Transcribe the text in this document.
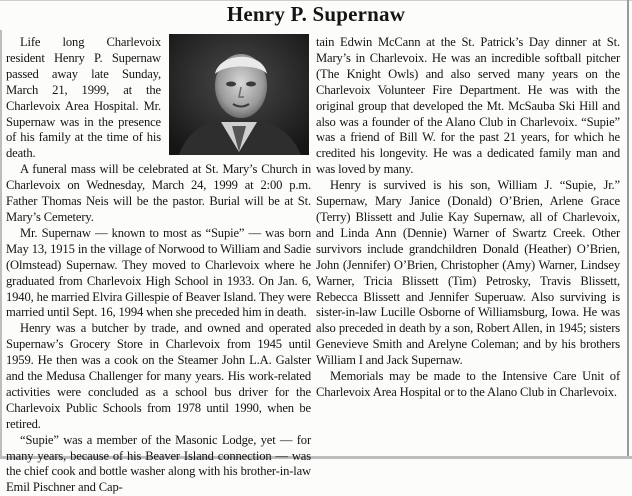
Henry P. Supernaw

Life long Charlevoix resident Henry P. Supernaw passed away late Sunday, March 21, 1999, at the Charlevoix Area Hospital. Mr. Supernaw was in the presence of his family at the time of his death.

A funeral mass will be celebrated at St. Mary’s Church in Charlevoix on Wednesday, March 24, 1999 at 2:00 p.m. Father Thomas Neis will be the pastor. Burial will be at St. Mary’s Cemetery.

Mr. Supernaw — known to most as “Supie” — was born May 13, 1915 in the village of Norwood to William and Sadie (Olmstead) Supernaw. They moved to Charlevoix where he graduated from Charlevoix High School in 1933. On Jan. 6, 1940, he married Elvira Gillespie of Beaver Island. They were married until Sept. 16, 1994 when she preceded him in death.

Henry was a butcher by trade, and owned and operated Supernaw’s Grocery Store in Charlevoix from 1945 until 1959. He then was a cook on the Steamer John L.A. Galster and the Medusa Challenger for many years. His work-related activities were concluded as a school bus driver for the Charlevoix Public Schools from 1978 until 1990, when be retired.

“Supie” was a member of the Masonic Lodge, yet — for many years, because of his Beaver Island connection — was the chief cook and bottle washer along with his brother-in-law Emil Pischner and Cap-

tain Edwin McCann at the St. Patrick’s Day dinner at St. Mary’s in Charlevoix. He was an incredible softball pitcher (The Knight Owls) and also served many years on the Charlevoix Volunteer Fire Department. He was with the original group that developed the Mt. McSauba Ski Hill and also was a founder of the Alano Club in Charlevoix. “Supie” was a friend of Bill W. for the past 21 years, for which he credited his longevity. He was a dedicated family man and was loved by many.

Henry is survived is his son, William J. “Supie, Jr.” Supernaw, Mary Janice (Donald) O’Brien, Arlene Grace (Terry) Blissett and Julie Kay Supernaw, all of Charlevoix, and Linda Ann (Dennie) Warner of Swartz Creek. Other survivors include grandchildren Donald (Heather) O’Brien, John (Jennifer) O’Brien, Christopher (Amy) Warner, Lindsey Warner, Tricia Blissett (Tim) Petrosky, Travis Blissett, Rebecca Blissett and Jennifer Superuaw. Also surviving is sister-in-law Lucille Osborne of Williamsburg, Iowa. He was also preceded in death by a son, Robert Allen, in 1945; sisters Genevieve Smith and Arelyne Coleman; and by his brothers William I and Jack Supernaw.

Memorials may be made to the Intensive Care Unit of Charlevoix Area Hospital or to the Alano Club in Charlevoix.
